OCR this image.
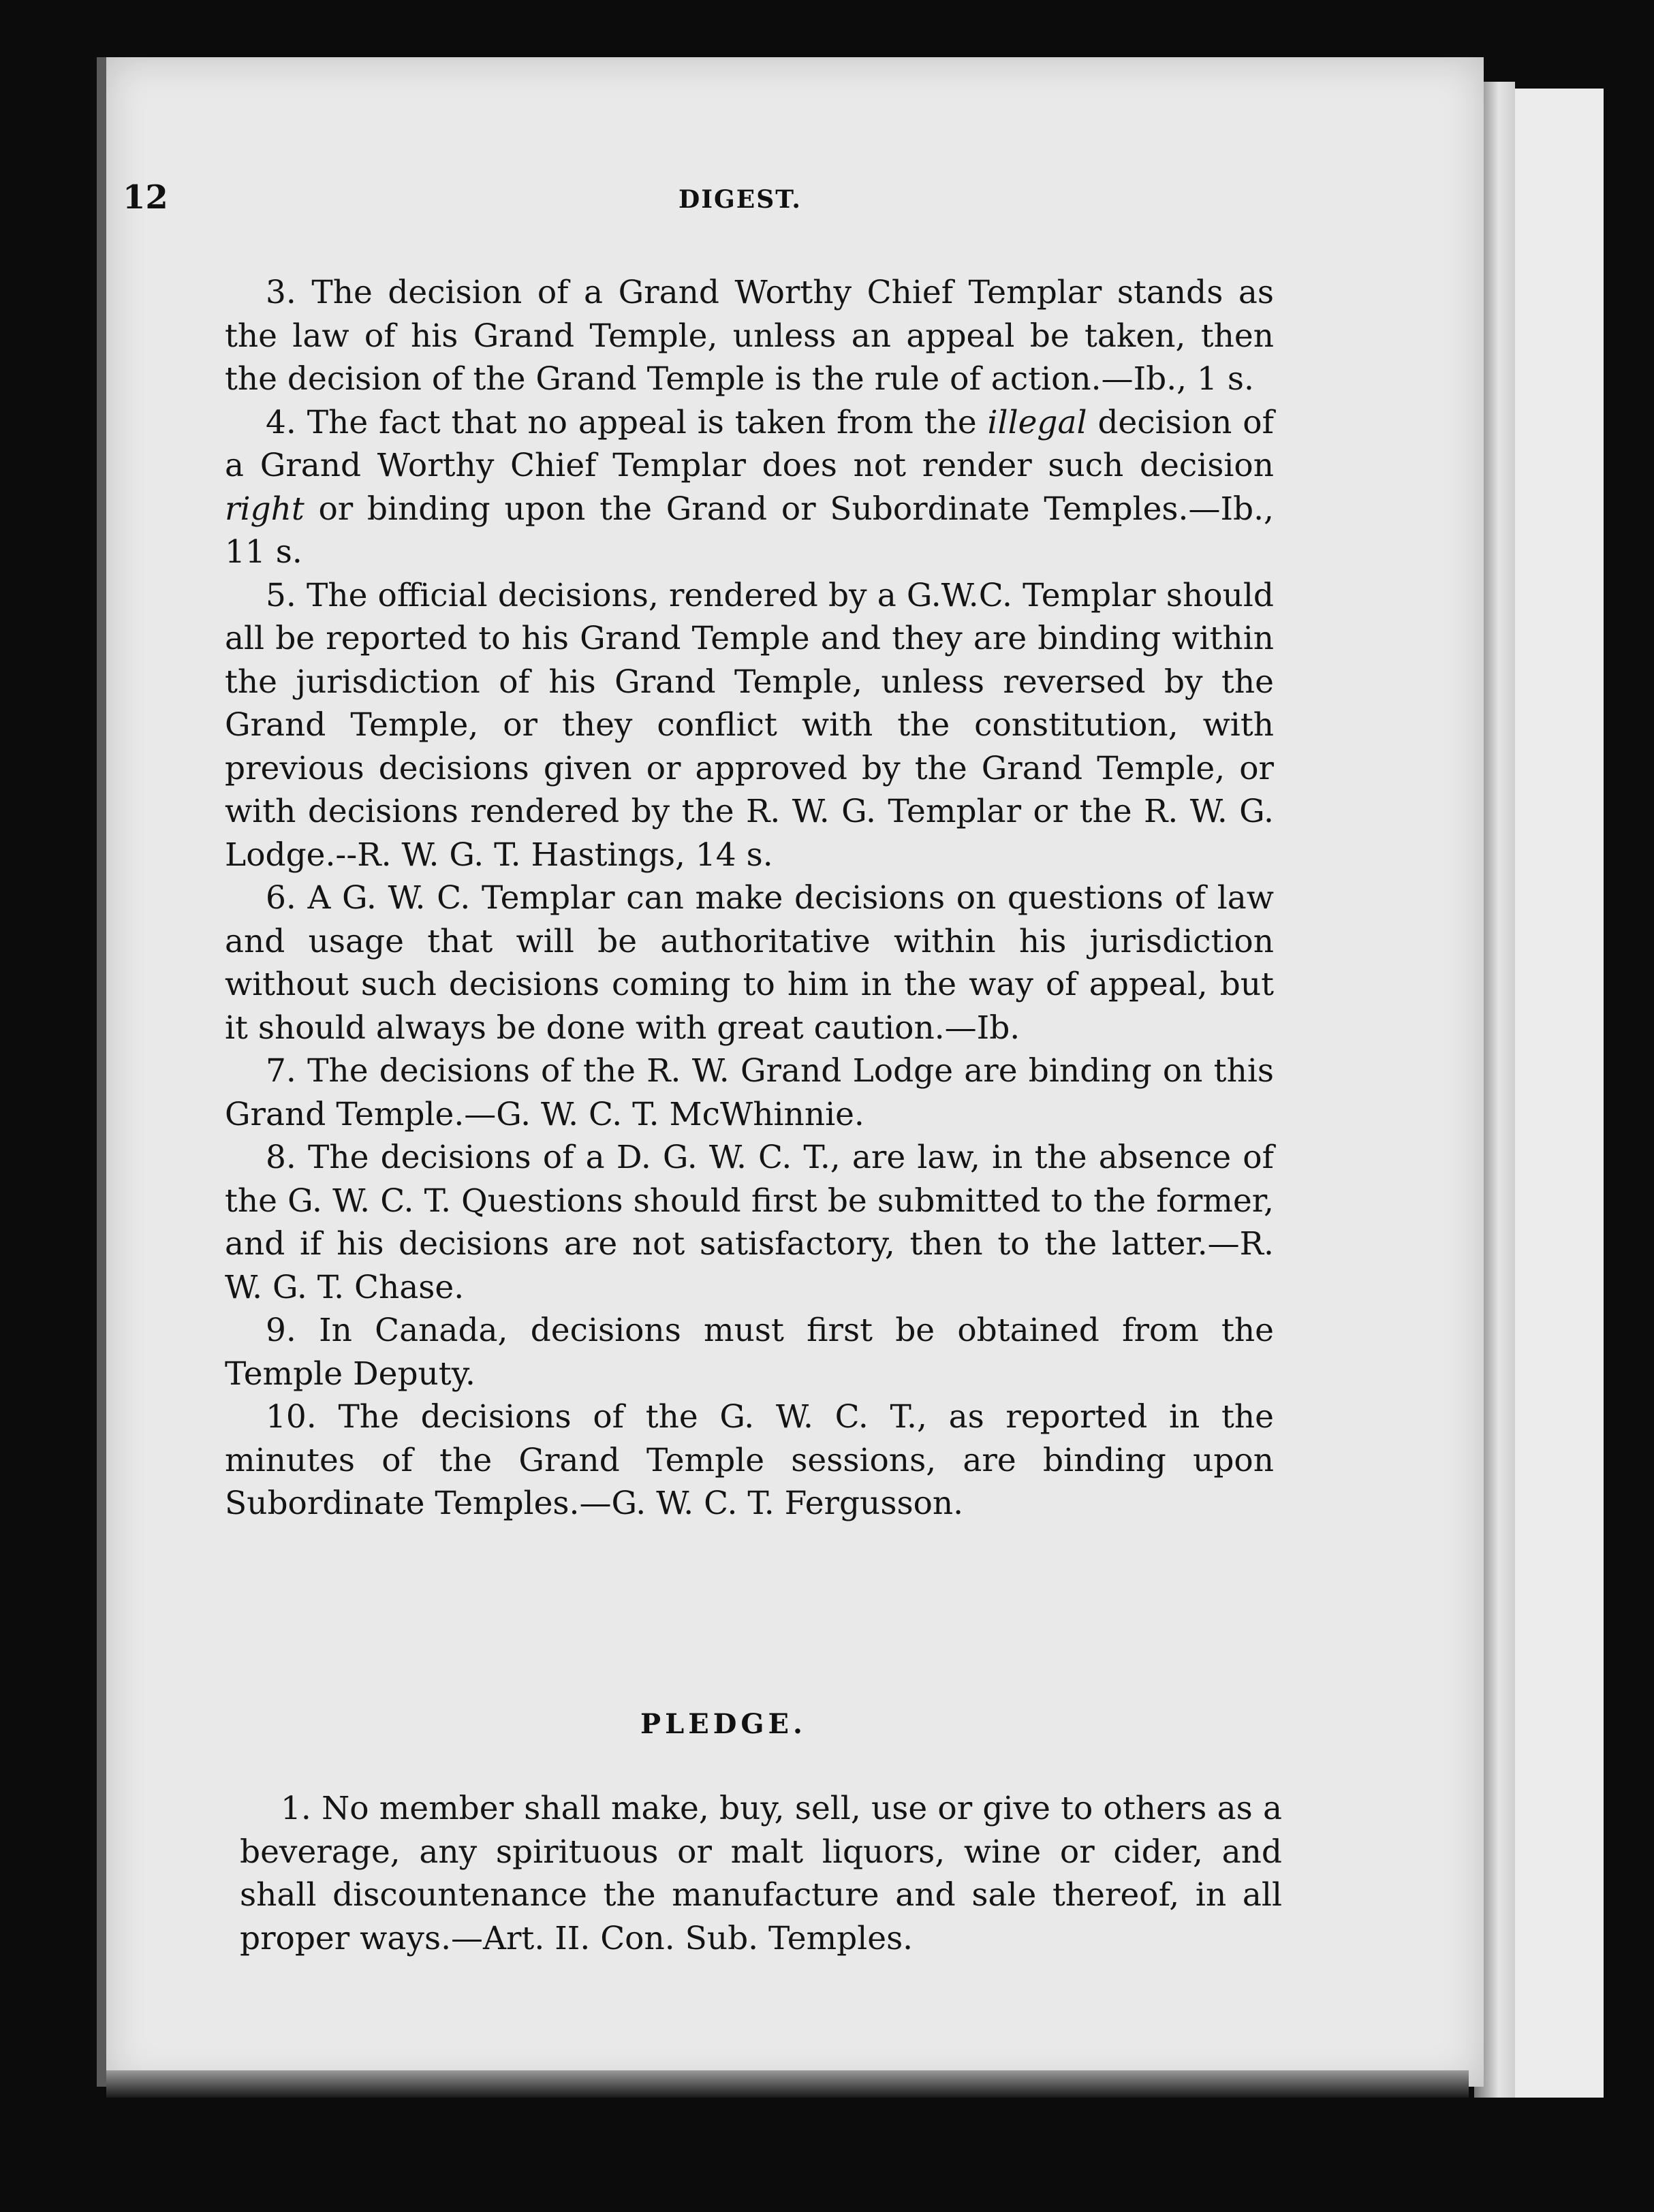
12	DIGEST.

3. The decision of a Grand Worthy Chief Templar stands as the law of his Grand Temple, unless an appeal be taken, then the decision of the Grand Temple is the rule of action.—Ib., 1 s.

4. The fact that no appeal is taken from the illegal decision of a Grand Worthy Chief Templar does not render such decision right or binding upon the Grand or Subordinate Temples.—Ib., 11 s.

5. The official decisions, rendered by a G.W.C. Templar should all be reported to his Grand Temple and they are binding within the jurisdiction of his Grand Temple, unless reversed by the Grand Temple, or they conflict with the constitution, with previous decisions given or approved by the Grand Temple, or with decisions rendered by the R. W. G. Templar or the R. W. G. Lodge.--R. W. G. T. Hastings, 14 s.

6. A G. W. C. Templar can make decisions on questions of law and usage that will be authoritative within his jurisdiction without such decisions coming to him in the way of appeal, but it should always be done with great caution.—Ib.

7. The decisions of the R. W. Grand Lodge are binding on this Grand Temple.—G. W. C. T. McWhinnie.

8. The decisions of a D. G. W. C. T., are law, in the absence of the G. W. C. T. Questions should first be submitted to the former, and if his decisions are not satisfactory, then to the latter.—R. W. G. T. Chase.

9. In Canada, decisions must first be obtained from the Temple Deputy.

10. The decisions of the G. W. C. T., as reported in the minutes of the Grand Temple sessions, are binding upon Subordinate Temples.—G. W. C. T. Fergusson.

PLEDGE.

1. No member shall make, buy, sell, use or give to others as a beverage, any spirituous or malt liquors, wine or cider, and shall discountenance the manufacture and sale thereof, in all proper ways.—Art. II. Con. Sub. Temples.
